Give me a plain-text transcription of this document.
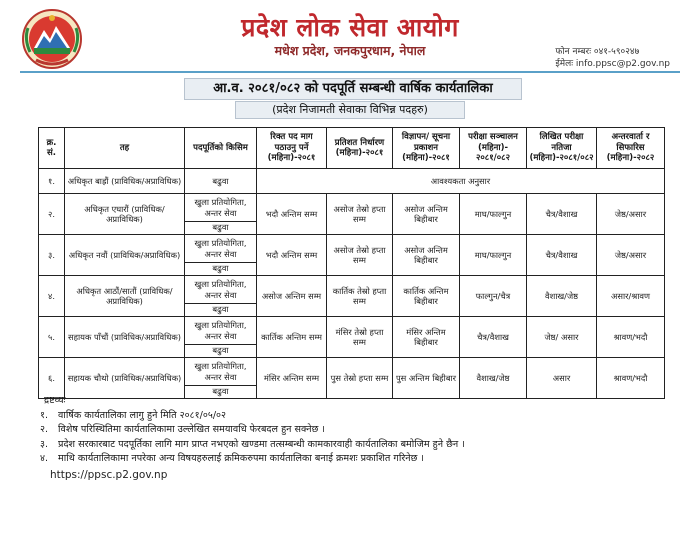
प्रदेश लोक सेवा आयोग
मधेश प्रदेश, जनकपुरधाम, नेपाल	फोन नम्बरः ०४१-५९०२४७
ईमेलः info.ppsc@p2.gov.np
आ.व. २०८१/०८२ को पदपूर्ति सम्बन्धी वार्षिक कार्यतालिका
(प्रदेश निजामती सेवाका विभिन्न पदहरु)
क्र. सं.	तह	पदपूर्तिको किसिम	रिक्त पद माग पठाउनु पर्ने (महिना)-२०८१	प्रतिशत निर्धारण (महिना)-२०८१	विज्ञापन/ सूचना प्रकाशन (महिना)-२०८१	परीक्षा सञ्चालन (महिना)- २०८१/०८२	लिखित परीक्षा नतिजा (महिना)-२०८१/०८२	अन्तरवार्ता र सिफारिस (महिना)-२०८२
१.	अधिकृत बाह्रौं (प्राविधिक/अप्राविधिक)	बढुवा	आवश्यकता अनुसार					
२.	अधिकृत एघारौं (प्राविधिक/अप्राविधिक)	खुला प्रतियोगिता, अन्तर सेवा
बढुवा	भदौ अन्तिम सम्म	असोज तेस्रो हप्ता सम्म	असोज अन्तिम बिहीबार	माघ/फाल्गुन	चैत्र/वैशाख	जेष्ठ/असार
३.	अधिकृत नवौं (प्राविधिक/अप्राविधिक)	खुला प्रतियोगिता, अन्तर सेवा
बढुवा	भदौ अन्तिम सम्म	असोज तेस्रो हप्ता सम्म	असोज अन्तिम बिहीबार	माघ/फाल्गुन	चैत्र/वैशाख	जेष्ठ/असार
४.	अधिकृत आठौं/सातौं (प्राविधिक/अप्राविधिक)	खुला प्रतियोगिता, अन्तर सेवा
बढुवा	असोज अन्तिम सम्म	कार्तिक तेस्रो हप्ता सम्म	कार्तिक अन्तिम बिहीबार	फाल्गुन/चैत्र	वैशाख/जेष्ठ	असार/श्रावण
५.	सहायक पाँचौं (प्राविधिक/अप्राविधिक)	खुला प्रतियोगिता, अन्तर सेवा
बढुवा	कार्तिक अन्तिम सम्म	मंसिर तेस्रो हप्ता सम्म	मंसिर अन्तिम बिहीबार	चैत्र/वैशाख	जेष्ठ/ असार	श्रावण/भदौ
६.	सहायक चौथो (प्राविधिक/अप्राविधिक)	खुला प्रतियोगिता, अन्तर सेवा
बढुवा	मंसिर अन्तिम सम्म	पुस तेस्रो हप्ता सम्म	पुस अन्तिम बिहीबार	वैशाख/जेष्ठ	असार	श्रावण/भदौ
द्रष्टव्यः
१.	वार्षिक कार्यतालिका लागु हुने मिति २०८१/०५/०२
२.	विशेष परिस्थितिमा कार्यतालिकामा उल्लेखित समयावधि फेरबदल हुन सक्नेछ ।
३.	प्रदेश सरकारबाट पदपूर्तिका लागि माग प्राप्त नभएको खण्डमा तत्सम्बन्धी कामकारवाही कार्यतालिका बमोजिम हुने छैन ।
४.	माथि कार्यतालिकामा नपरेका अन्य विषयहरुलाई क्रमिकरुपमा कार्यतालिका बनाई क्रमशः प्रकाशित गरिनेछ ।
https://ppsc.p2.gov.np
